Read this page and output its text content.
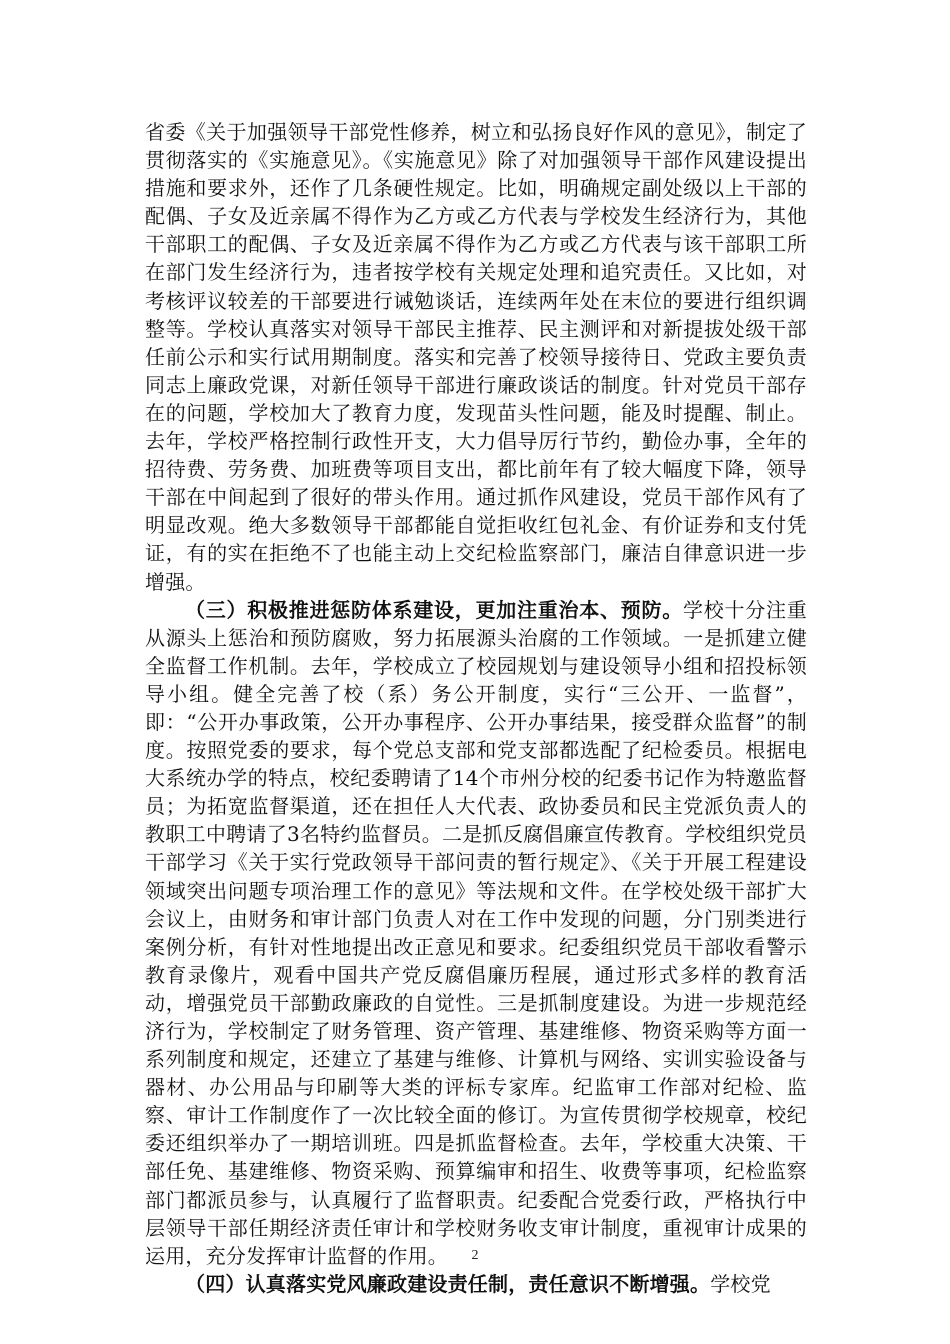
省委《关于加强领导干部党性修养，树立和弘扬良好作风的意见》，制定了贯彻落实的《实施意见》。《实施意见》除了对加强领导干部作风建设提出措施和要求外，还作了几条硬性规定。比如，明确规定副处级以上干部的配偶、子女及近亲属不得作为乙方或乙方代表与学校发生经济行为，其他干部职工的配偶、子女及近亲属不得作为乙方或乙方代表与该干部职工所在部门发生经济行为，违者按学校有关规定处理和追究责任。又比如，对考核评议较差的干部要进行诫勉谈话，连续两年处在末位的要进行组织调整等。学校认真落实对领导干部民主推荐、民主测评和对新提拔处级干部任前公示和实行试用期制度。落实和完善了校领导接待日、党政主要负责同志上廉政党课，对新任领导干部进行廉政谈话的制度。针对党员干部存在的问题，学校加大了教育力度，发现苗头性问题，能及时提醒、制止。去年，学校严格控制行政性开支，大力倡导厉行节约，勤俭办事，全年的招待费、劳务费、加班费等项目支出，都比前年有了较大幅度下降，领导干部在中间起到了很好的带头作用。通过抓作风建设，党员干部作风有了明显改观。绝大多数领导干部都能自觉拒收红包礼金、有价证券和支付凭证，有的实在拒绝不了也能主动上交纪检监察部门，廉洁自律意识进一步增强。

（三）积极推进惩防体系建设，更加注重治本、预防。学校十分注重从源头上惩治和预防腐败，努力拓展源头治腐的工作领域。一是抓建立健全监督工作机制。去年，学校成立了校园规划与建设领导小组和招投标领导小组。健全完善了校（系）务公开制度，实行“三公开、一监督”，即：“公开办事政策，公开办事程序、公开办事结果，接受群众监督”的制度。按照党委的要求，每个党总支部和党支部都选配了纪检委员。根据电大系统办学的特点，校纪委聘请了14个市州分校的纪委书记作为特邀监督员；为拓宽监督渠道，还在担任人大代表、政协委员和民主党派负责人的教职工中聘请了3名特约监督员。二是抓反腐倡廉宣传教育。学校组织党员干部学习《关于实行党政领导干部问责的暂行规定》、《关于开展工程建设领域突出问题专项治理工作的意见》等法规和文件。在学校处级干部扩大会议上，由财务和审计部门负责人对在工作中发现的问题，分门别类进行案例分析，有针对性地提出改正意见和要求。纪委组织党员干部收看警示教育录像片，观看中国共产党反腐倡廉历程展，通过形式多样的教育活动，增强党员干部勤政廉政的自觉性。三是抓制度建设。为进一步规范经济行为，学校制定了财务管理、资产管理、基建维修、物资采购等方面一系列制度和规定，还建立了基建与维修、计算机与网络、实训实验设备与器材、办公用品与印刷等大类的评标专家库。纪监审工作部对纪检、监察、审计工作制度作了一次比较全面的修订。为宣传贯彻学校规章，校纪委还组织举办了一期培训班。四是抓监督检查。去年，学校重大决策、干部任免、基建维修、物资采购、预算编审和招生、收费等事项，纪检监察部门都派员参与，认真履行了监督职责。纪委配合党委行政，严格执行中层领导干部任期经济责任审计和学校财务收支审计制度，重视审计成果的运用，充分发挥审计监督的作用。

（四）认真落实党风廉政建设责任制，责任意识不断增强。学校党

2
